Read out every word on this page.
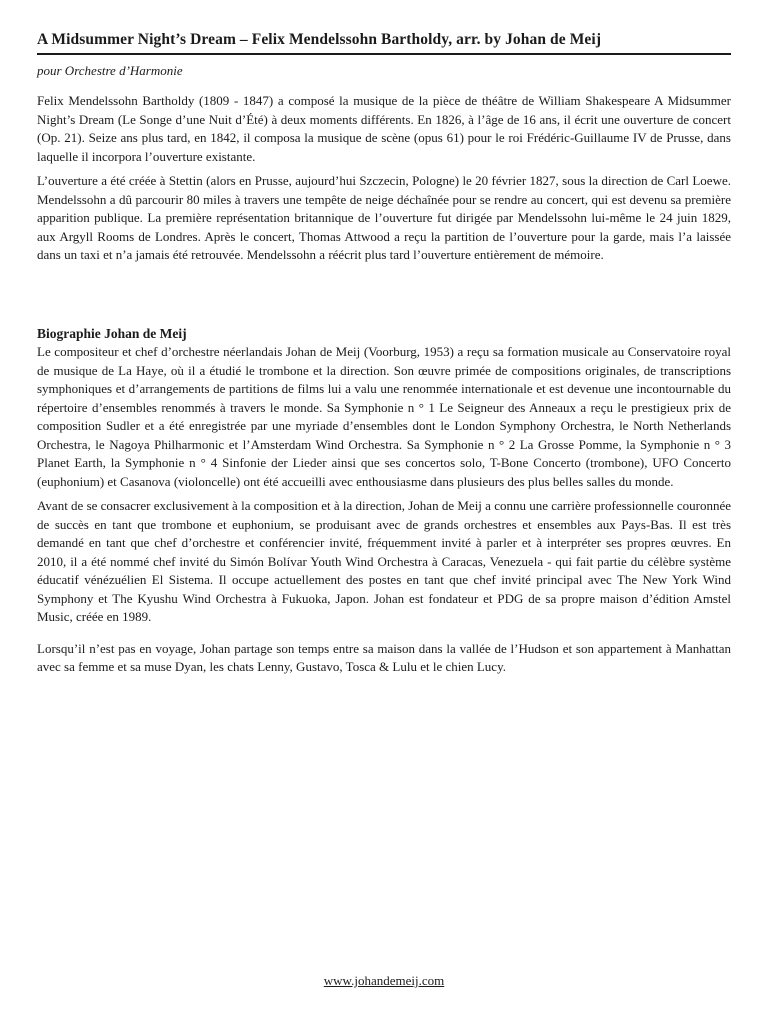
A Midsummer Night’s Dream – Felix Mendelssohn Bartholdy, arr. by Johan de Meij
pour Orchestre d’Harmonie

Felix Mendelssohn Bartholdy (1809 - 1847) a composé la musique de la pièce de théâtre de William Shakespeare A Midsummer Night’s Dream (Le Songe d’une Nuit d’Été) à deux moments différents. En 1826, à l’âge de 16 ans, il écrit une ouverture de concert (Op. 21). Seize ans plus tard, en 1842, il composa la musique de scène (opus 61) pour le roi Frédéric-Guillaume IV de Prusse, dans laquelle il incorpora l’ouverture existante.

L’ouverture a été créée à Stettin (alors en Prusse, aujourd’hui Szczecin, Pologne) le 20 février 1827, sous la direction de Carl Loewe. Mendelssohn a dû parcourir 80 miles à travers une tempête de neige déchaînée pour se rendre au concert, qui est devenu sa première apparition publique. La première représentation britannique de l’ouverture fut dirigée par Mendelssohn lui-même le 24 juin 1829, aux Argyll Rooms de Londres. Après le concert, Thomas Attwood a reçu la partition de l’ouverture pour la garde, mais l’a laissée dans un taxi et n’a jamais été retrouvée. Mendelssohn a réécrit plus tard l’ouverture entièrement de mémoire.

Biographie Johan de Meij

Le compositeur et chef d’orchestre néerlandais Johan de Meij (Voorburg, 1953) a reçu sa formation musicale au Conservatoire royal de musique de La Haye, où il a étudié le trombone et la direction. Son œuvre primée de compositions originales, de transcriptions symphoniques et d’arrangements de partitions de films lui a valu une renommée internationale et est devenue une incontournable du répertoire d’ensembles renommés à travers le monde. Sa Symphonie n ° 1 Le Seigneur des Anneaux a reçu le prestigieux prix de composition Sudler et a été enregistrée par une myriade d’ensembles dont le London Symphony Orchestra, le North Netherlands Orchestra, le Nagoya Philharmonic et l’Amsterdam Wind Orchestra. Sa Symphonie n ° 2 La Grosse Pomme, la Symphonie n ° 3 Planet Earth, la Symphonie n ° 4 Sinfonie der Lieder ainsi que ses concertos solo, T-Bone Concerto (trombone), UFO Concerto (euphonium) et Casanova (violoncelle) ont été accueilli avec enthousiasme dans plusieurs des plus belles salles du monde.

Avant de se consacrer exclusivement à la composition et à la direction, Johan de Meij a connu une carrière professionnelle couronnée de succès en tant que trombone et euphonium, se produisant avec de grands orchestres et ensembles aux Pays-Bas. Il est très demandé en tant que chef d’orchestre et conférencier invité, fréquemment invité à parler et à interpréter ses propres œuvres. En 2010, il a été nommé chef invité du Simón Bolívar Youth Wind Orchestra à Caracas, Venezuela - qui fait partie du célèbre système éducatif vénézuélien El Sistema. Il occupe actuellement des postes en tant que chef invité principal avec The New York Wind Symphony et The Kyushu Wind Orchestra à Fukuoka, Japon. Johan est fondateur et PDG de sa propre maison d’édition Amstel Music, créée en 1989.

Lorsqu’il n’est pas en voyage, Johan partage son temps entre sa maison dans la vallée de l’Hudson et son appartement à Manhattan avec sa femme et sa muse Dyan, les chats Lenny, Gustavo, Tosca & Lulu et le chien Lucy.

www.johandemeij.com
